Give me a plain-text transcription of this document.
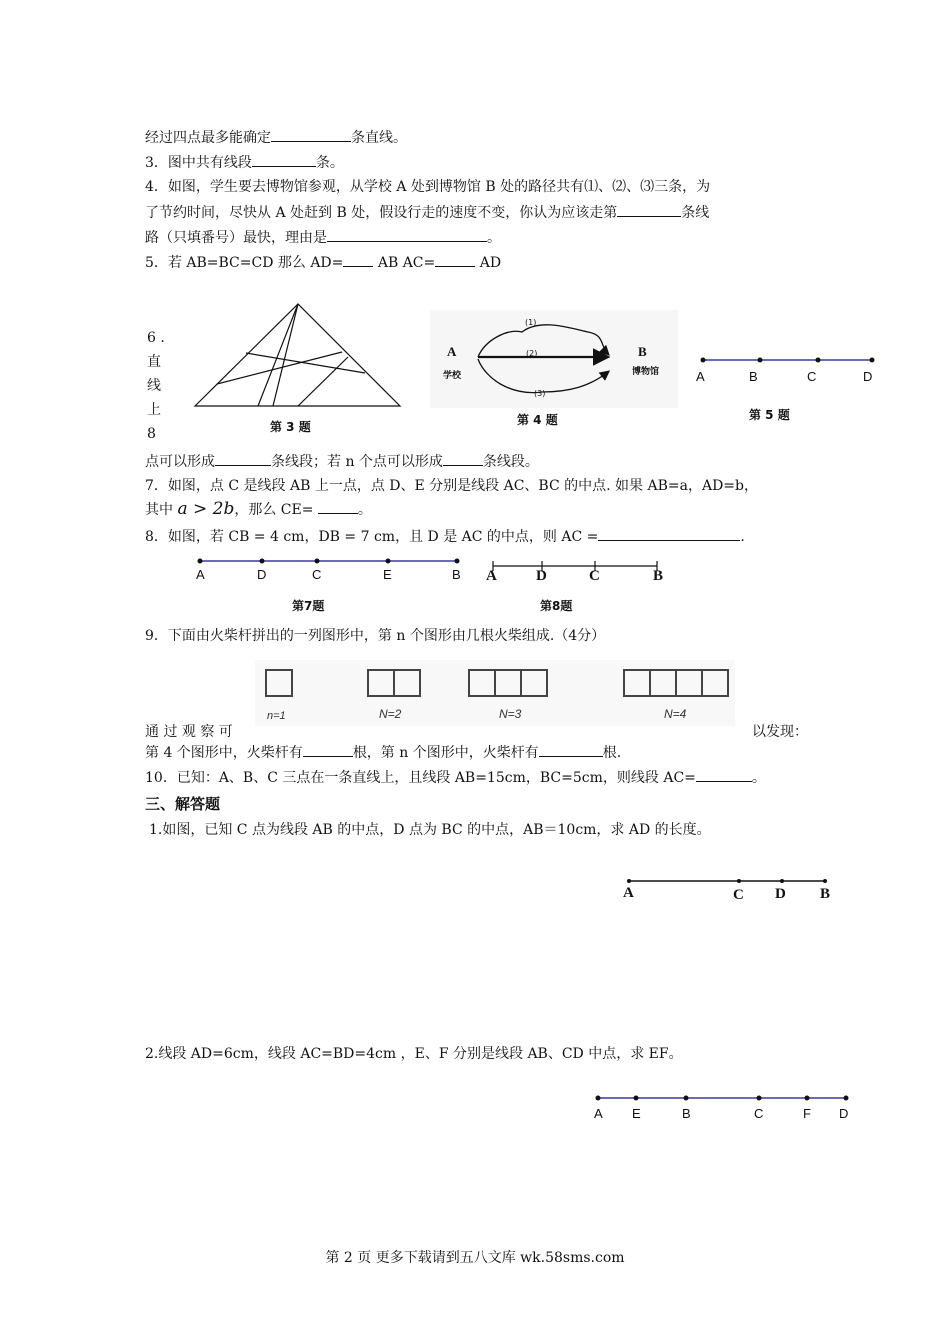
经过四点最多能确定	条直线。
3．图中共有线段	条。
4．如图，学生要去博物馆参观，从学校 A 处到博物馆 B 处的路径共有⑴、⑵、⑶三条，为
了节约时间，尽快从 A 处赶到 B 处，假设行走的速度不变，你认为应该走第	条线
路（只填番号）最快，理由是	。
5．若 AB=BC=CD 那么 AD= AB AC=	AD
6 .
直
线
上
8	第 3 题
(1)
(2)
(3)
A	B
学校	博物馆
第 4 题
A	B	C	D
第 5 题
点可以形成	条线段；若 n 个点可以形成	条线段。
7．如图，点 C 是线段 AB 上一点，点 D、E 分别是线段 AC、BC 的中点. 如果 AB=a，AD=b，
其中 a > 2b，那么 CE=	。
8．如图，若 CB = 4 cm，DB = 7 cm，且 D 是 AC 的中点，则 AC =	.
A	D	C	E	B
第7题
A	D	C	B
第8题
9．下面由火柴杆拼出的一列图形中，第 n 个图形由几根火柴组成.（4分）
n=1	N=2	N=3	N=4
通 过 观 察 可	以发现：
第 4 个图形中，火柴杆有	根，第 n 个图形中，火柴杆有	根.
10．已知：A、B、C 三点在一条直线上，且线段 AB=15cm，BC=5cm，则线段 AC=	。
三、解答题
1.如图，已知 C 点为线段 AB 的中点，D 点为 BC 的中点，AB＝10cm，求 AD 的长度。
A	C D B
2.线段 AD=6cm，线段 AC=BD=4cm ，E、F 分别是线段 AB、CD 中点，求 EF。
A E	B	C	F D
第 2 页 更多下载请到五八文库 wk.58sms.com
